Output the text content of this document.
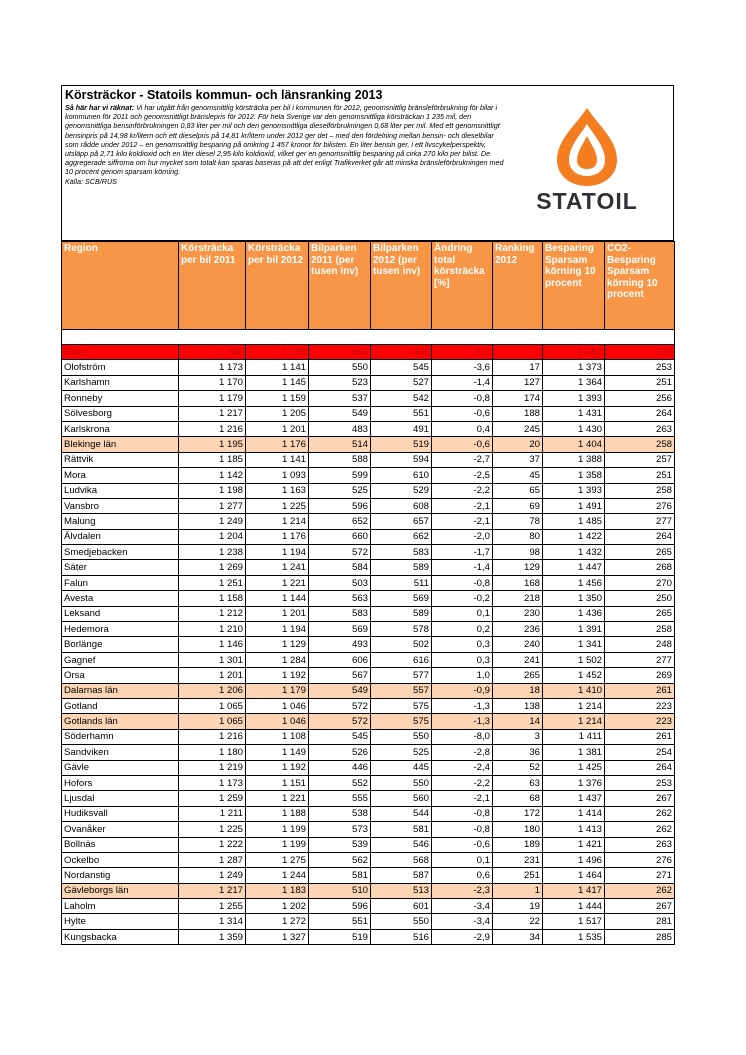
Körsträckor - Statoils kommun- och länsranking 2013
Så här har vi räknat: Vi har utgått från genomsnittlig körsträcka per bil i kommunen för 2012, genomsnittlig bränsleförbrukning för bilar i kommunen för 2011 och genomsnittligt bränslepris för 2012. För hela Sverige var den genomsnittliga körsträckan 1 235 mil, den genomsnittliga bensinförbrukningen 0,83 liter per mil och den genomsnittliga dieselförbrukningen 0,68 liter per mil. Med ett genomsnittligt bensinpris på 14,98 kr/litern och ett dieselpris på 14,81 kr/litern under 2012 ger det – med den fördelning mellan bensin- och dieselbilar som rådde under 2012 – en genomsnittlig besparing på omkring 1 457 kronor för bilisten. En liter bensin ger, i ett livscykelperspektiv, utsläpp på 2,71 kilo koldioxid och en liter diesel 2,95 kilo koldioxid, vilket ger en genomsnittlig besparing på cirka 270 kilo per bilist. De aggregerade siffrorna om hur mycket som totalt kan sparas baseras på att det enligt Trafikverket går att minska bränsleförbrukningen med 10 procent genom sparsam körning.
Källa: SCB/RUS
STATOIL
Region	Körsträcka per bil 2011	Körsträcka per bil 2012	Bilparken 2011 (per tusen inv)	Bilparken 2012 (per tusen inv)	Ändring total körsträcka [%]	Ranking 2012	Besparing Sparsam körning 10 procent	CO2-Besparing Sparsam körning 10 procent

Riket	1 260	1 235	464	466	-1,7		1 457	270
Olofström	1 173	1 141	550	545	-3,6	17	1 373	253
Karlshamn	1 170	1 145	523	527	-1,4	127	1 364	251
Ronneby	1 179	1 159	537	542	-0,8	174	1 393	256
Sölvesborg	1 217	1 205	549	551	-0,6	188	1 431	264
Karlskrona	1 216	1 201	483	491	0,4	245	1 430	263
Blekinge län	1 195	1 176	514	519	-0,6	20	1 404	258
Rättvik	1 185	1 141	588	594	-2,7	37	1 388	257
Mora	1 142	1 093	599	610	-2,5	45	1 358	251
Ludvika	1 198	1 163	525	529	-2,2	65	1 393	258
Vansbro	1 277	1 225	596	608	-2,1	69	1 491	276
Malung	1 249	1 214	652	657	-2,1	78	1 485	277
Älvdalen	1 204	1 176	660	662	-2,0	80	1 422	264
Smedjebacken	1 238	1 194	572	583	-1,7	98	1 432	265
Säter	1 269	1 241	584	589	-1,4	129	1 447	268
Falun	1 251	1 221	503	511	-0,8	168	1 456	270
Avesta	1 158	1 144	563	569	-0,2	218	1 350	250
Leksand	1 212	1 201	583	589	0,1	230	1 436	265
Hedemora	1 210	1 194	569	578	0,2	236	1 391	258
Borlänge	1 146	1 129	493	502	0,3	240	1 341	248
Gagnef	1 301	1 284	606	616	0,3	241	1 502	277
Orsa	1 201	1 192	567	577	1,0	265	1 452	269
Dalarnas län	1 206	1 179	549	557	-0,9	18	1 410	261
Gotland	1 065	1 046	572	575	-1,3	138	1 214	223
Gotlands län	1 065	1 046	572	575	-1,3	14	1 214	223
Söderhamn	1 216	1 108	545	550	-8,0	3	1 411	261
Sandviken	1 180	1 149	526	525	-2,8	36	1 381	254
Gävle	1 219	1 192	446	445	-2,4	52	1 425	264
Hofors	1 173	1 151	552	550	-2,2	63	1 376	253
Ljusdal	1 259	1 221	555	560	-2,1	68	1 437	267
Hudiksvall	1 211	1 188	538	544	-0,8	172	1 414	262
Ovanåker	1 225	1 199	573	581	-0,8	180	1 413	262
Bollnäs	1 222	1 199	539	546	-0,6	189	1 421	263
Ockelbo	1 287	1 275	562	568	0,1	231	1 496	276
Nordanstig	1 249	1 244	581	587	0,6	251	1 464	271
Gävleborgs län	1 217	1 183	510	513	-2,3	1	1 417	262
Laholm	1 255	1 202	596	601	-3,4	19	1 444	267
Hylte	1 314	1 272	551	550	-3,4	22	1 517	281
Kungsbacka	1 359	1 327	519	516	-2,9	34	1 535	285
